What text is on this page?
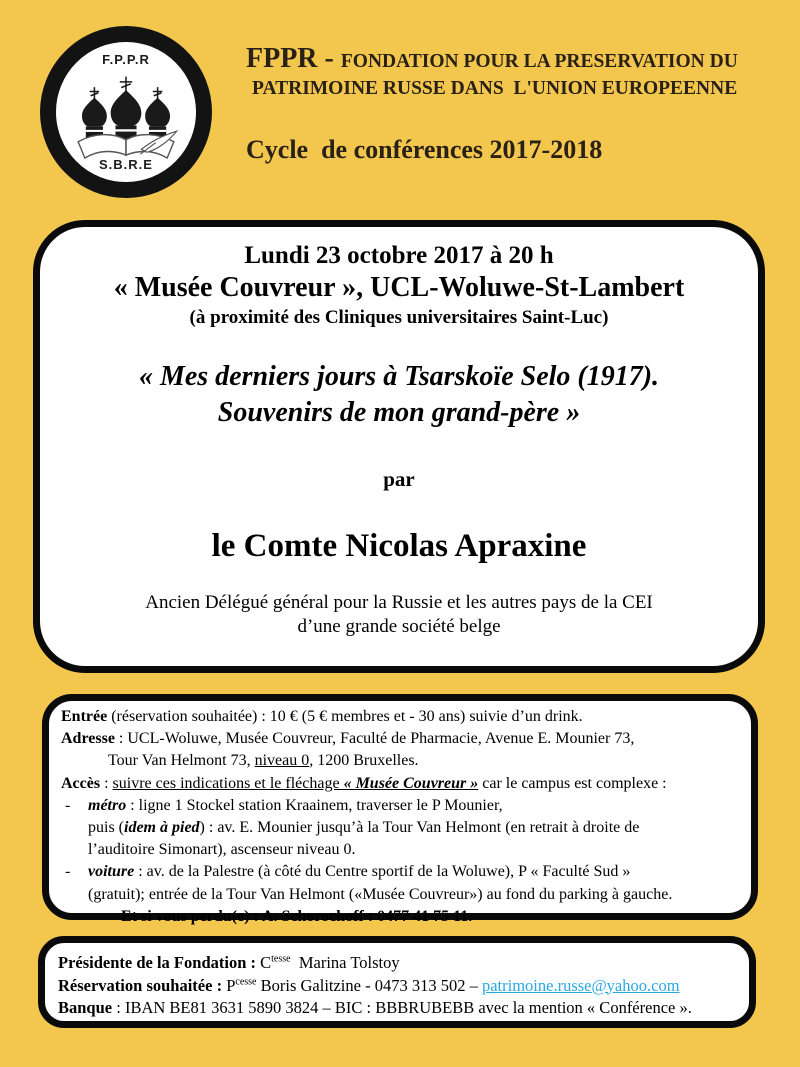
F.P.P.R
S.B.R.E
FPPR - FONDATION POUR LA PRESERVATION DU
PATRIMOINE RUSSE DANS  L'UNION EUROPEENNE
Cycle  de conférences 2017-2018
Lundi 23 octobre 2017 à 20 h
« Musée Couvreur », UCL-Woluwe-St-Lambert
(à proximité des Cliniques universitaires Saint-Luc)
« Mes derniers jours à Tsarskoïe Selo (1917).
Souvenirs de mon grand-père »
par
le Comte Nicolas Apraxine
Ancien Délégué général pour la Russie et les autres pays de la CEI
d’une grande société belge
Entrée (réservation souhaitée) : 10 € (5 € membres et - 30 ans) suivie d’un drink.
Adresse : UCL-Woluwe, Musée Couvreur, Faculté de Pharmacie, Avenue E. Mounier 73,
Tour Van Helmont 73, niveau 0, 1200 Bruxelles.
Accès : suivre ces indications et le fléchage « Musée Couvreur » car le campus est complexe :
- métro : ligne 1 Stockel station Kraainem, traverser le P Mounier,
puis (idem à pied) : av. E. Mounier jusqu’à la Tour Van Helmont (en retrait à droite de
l’auditoire Simonart), ascenseur niveau 0.
- voiture : av. de la Palestre (à côté du Centre sportif de la Woluwe), P « Faculté Sud »
(gratuit); entrée de la Tour Van Helmont («Musée Couvreur») au fond du parking à gauche.
Et si vous perdu(e) : A. Schorochoff : 0477 41 75 11.
Présidente de la Fondation : $C^{tesse}$  Marina Tolstoy
Réservation souhaitée : $P^{cesse}$ Boris Galitzine - 0473 313 502 – patrimoine.russe@yahoo.com
Banque : IBAN BE81 3631 5890 3824 – BIC : BBBRUBEBB avec la mention « Conférence ».
